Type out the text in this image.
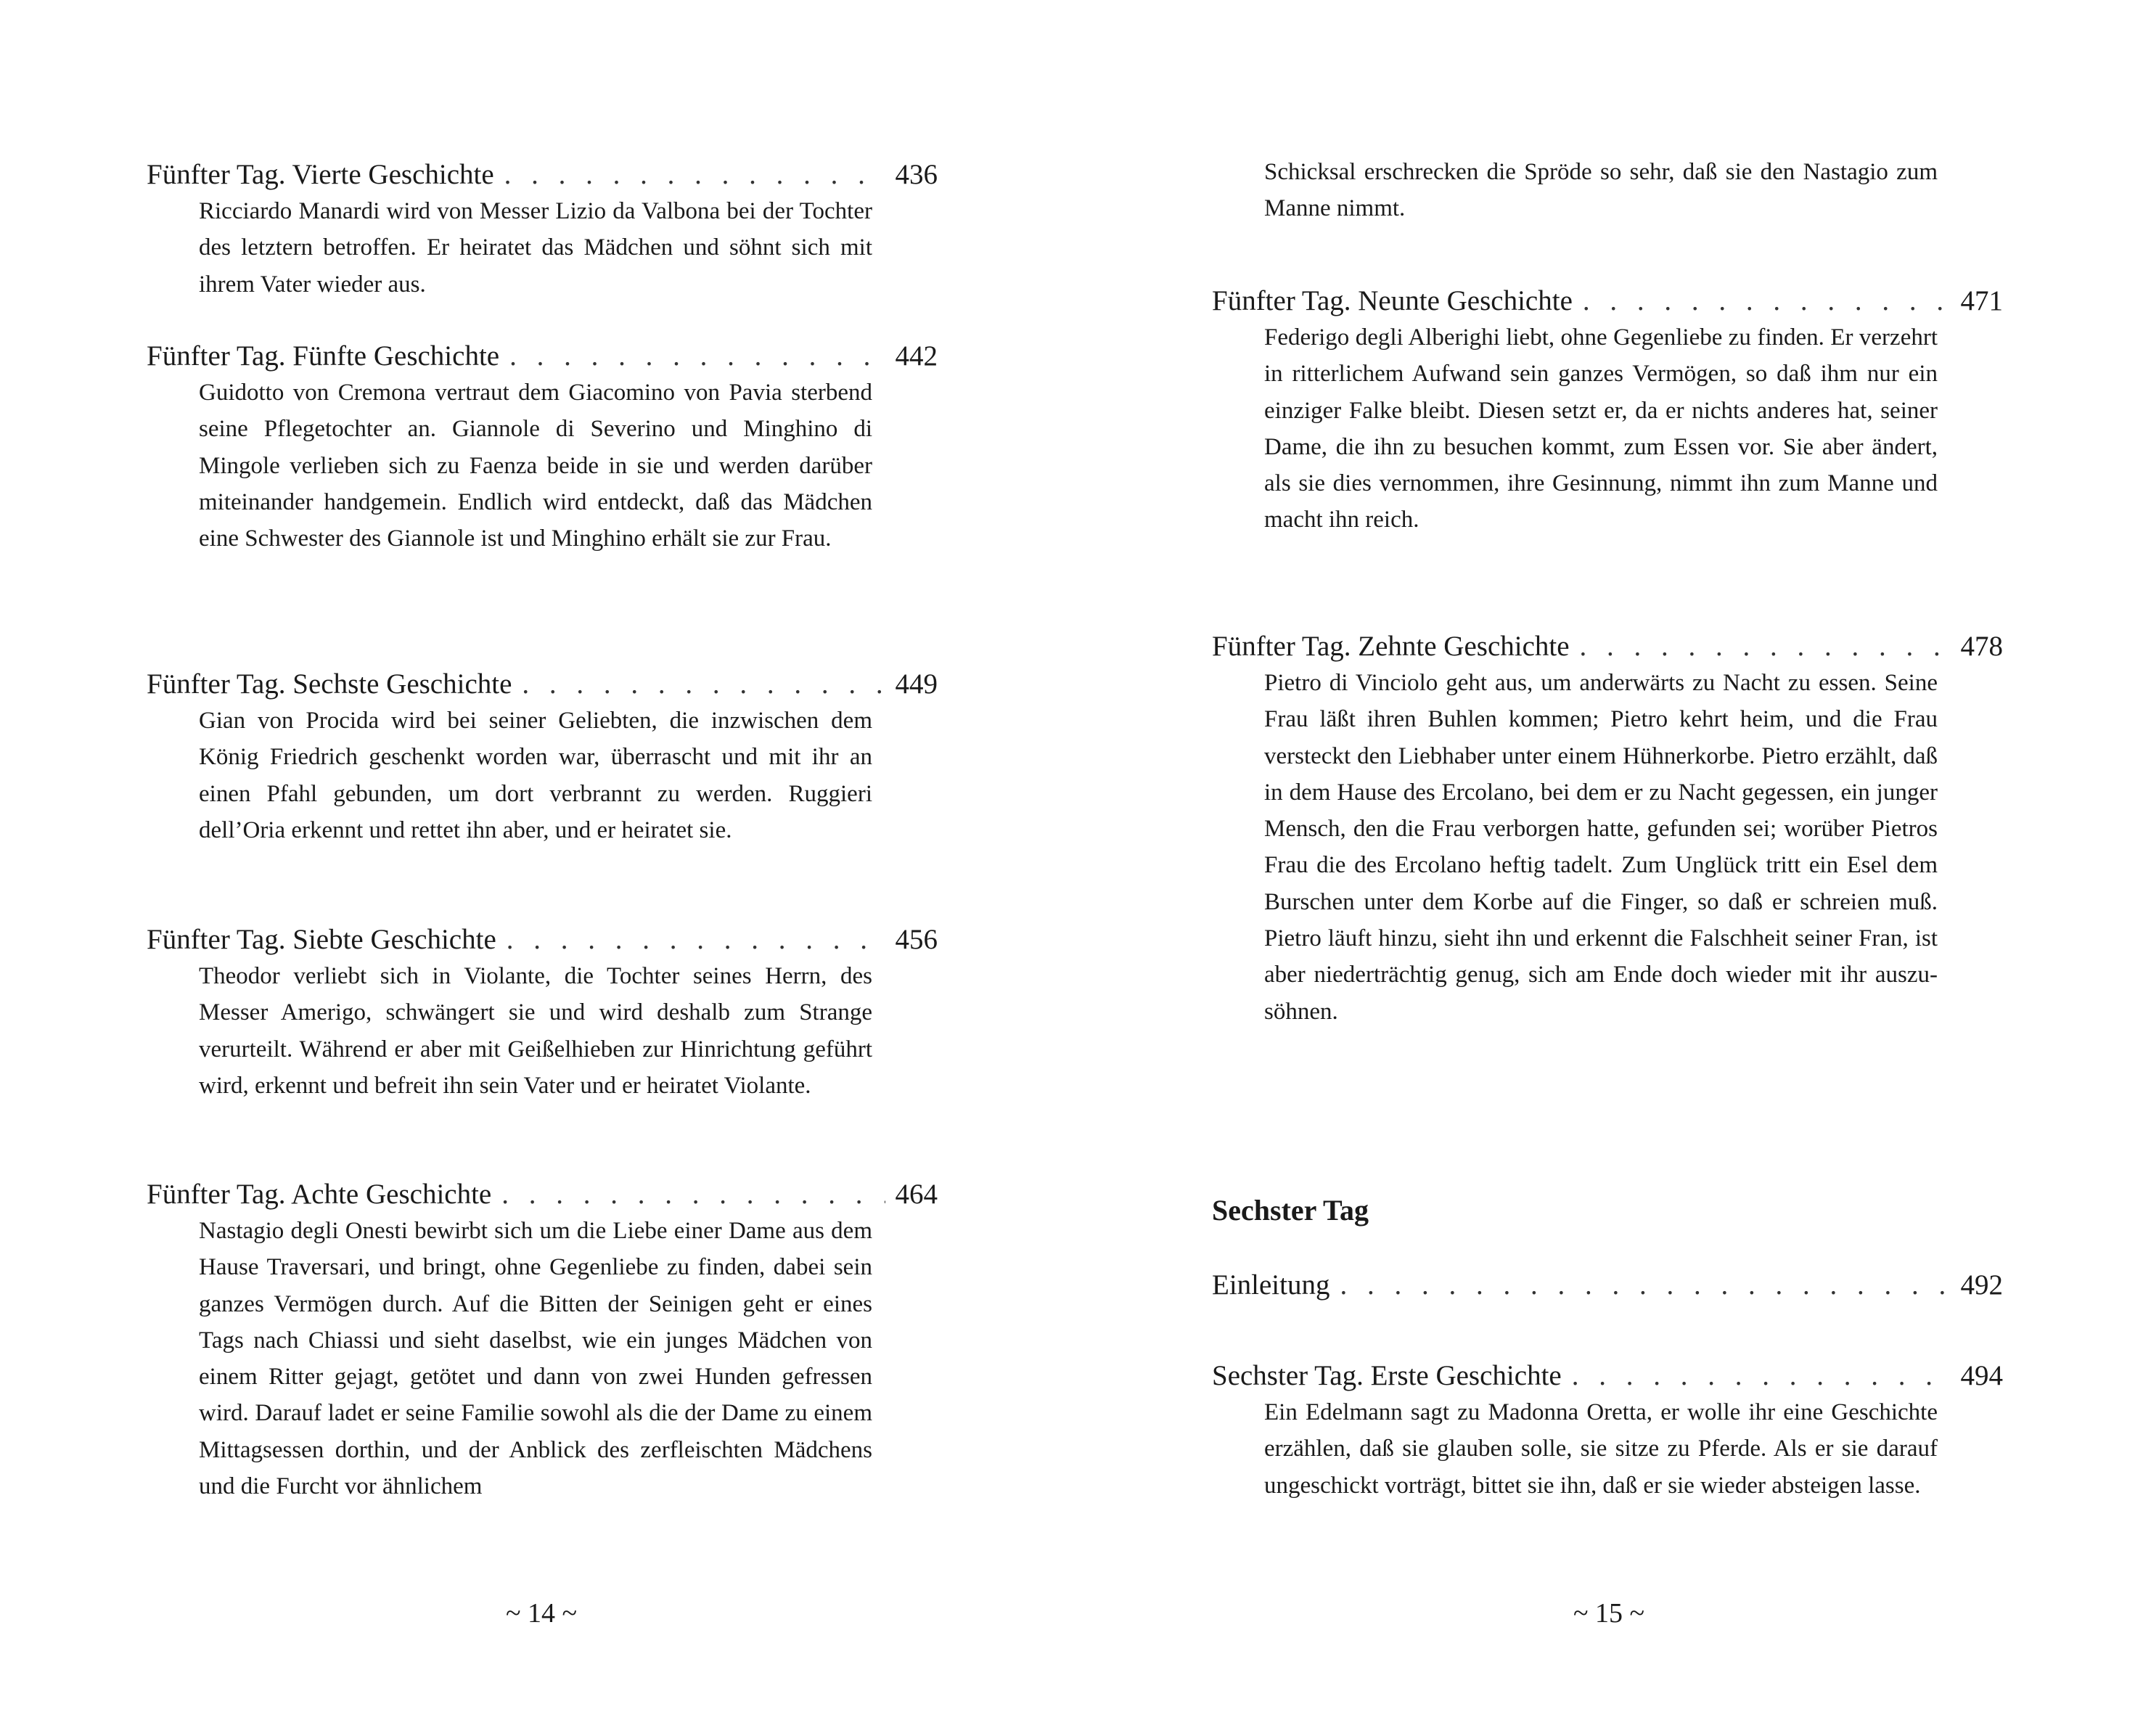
Fünfter Tag. Vierte Geschichte . . .	436

Ricciardo Manardi wird von Messer Lizio da Valbona bei der Tochter des letztern betroffen. Er heiratet das Mädchen und söhnt sich mit ihrem Vater wieder aus.

Fünfter Tag. Fünfte Geschichte . . .	442

Guidotto von Cremona vertraut dem Giacomino von Pavia sterbend seine Pflegetochter an. Giannole di Severino und Minghino di Mingole verlieben sich zu Faenza beide in sie und werden darüber miteinander handgemein. Endlich wird entdeckt, daß das Mädchen eine Schwester des Giannole ist und Minghino erhält sie zur Frau.

Fünfter Tag. Sechste Geschichte . . .	449

Gian von Procida wird bei seiner Geliebten, die inzwischen dem König Friedrich geschenkt worden war, überrascht und mit ihr an einen Pfahl gebunden, um dort verbrannt zu werden. Ruggieri dell’Oria erkennt und rettet ihn aber, und er heiratet sie.

Fünfter Tag. Siebte Geschichte . . .	456

Theodor verliebt sich in Violante, die Tochter seines Herrn, des Messer Amerigo, schwängert sie und wird deshalb zum Strange verurteilt. Während er aber mit Geißelhieben zur Hinrichtung geführt wird, erkennt und befreit ihn sein Vater und er heiratet Violante.

Fünfter Tag. Achte Geschichte . . .	464

Nastagio degli Onesti bewirbt sich um die Liebe einer Dame aus dem Hause Traversari, und bringt, ohne Gegenliebe zu finden, dabei sein ganzes Vermögen durch. Auf die Bitten der Seinigen geht er eines Tags nach Chiassi und sieht daselbst, wie ein junges Mädchen von einem Ritter gejagt, getötet und dann von zwei Hunden gefressen wird. Darauf ladet er seine Familie sowohl als die der Dame zu einem Mittagsessen dorthin, und der Anblick des zerfleischten Mädchens und die Furcht vor ähnlichem

~ 14 ~

Schicksal erschrecken die Spröde so sehr, daß sie den Nastagio zum Manne nimmt.

Fünfter Tag. Neunte Geschichte . . .	471

Federigo degli Alberighi liebt, ohne Gegenliebe zu finden. Er verzehrt in ritterlichem Aufwand sein ganzes Vermögen, so daß ihm nur ein einziger Falke bleibt. Diesen setzt er, da er nichts anderes hat, seiner Dame, die ihn zu besuchen kommt, zum Essen vor. Sie aber ändert, als sie dies vernommen, ihre Gesinnung, nimmt ihn zum Manne und macht ihn reich.

Fünfter Tag. Zehnte Geschichte . . .	478

Pietro di Vinciolo geht aus, um anderwärts zu Nacht zu essen. Seine Frau läßt ihren Buhlen kommen; Pietro kehrt heim, und die Frau versteckt den Liebhaber unter einem Hühnerkorbe. Pietro erzählt, daß in dem Hause des Ercolano, bei dem er zu Nacht gegessen, ein junger Mensch, den die Frau verborgen hatte, gefunden sei; worüber Pietros Frau die des Ercolano heftig tadelt. Zum Unglück tritt ein Esel dem Burschen unter dem Korbe auf die Finger, so daß er schreien muß. Pietro läuft hinzu, sieht ihn und erkennt die Falschheit seiner Fran, ist aber niederträchtig genug, sich am Ende doch wieder mit ihr auszusöhnen.

Sechster Tag
Einleitung . . .	492
Sechster Tag. Erste Geschichte . . .	494

Ein Edelmann sagt zu Madonna Oretta, er wolle ihr eine Geschichte erzählen, daß sie glauben solle, sie sitze zu Pferde. Als er sie darauf ungeschickt vorträgt, bittet sie ihn, daß er sie wieder absteigen lasse.

~ 15 ~
